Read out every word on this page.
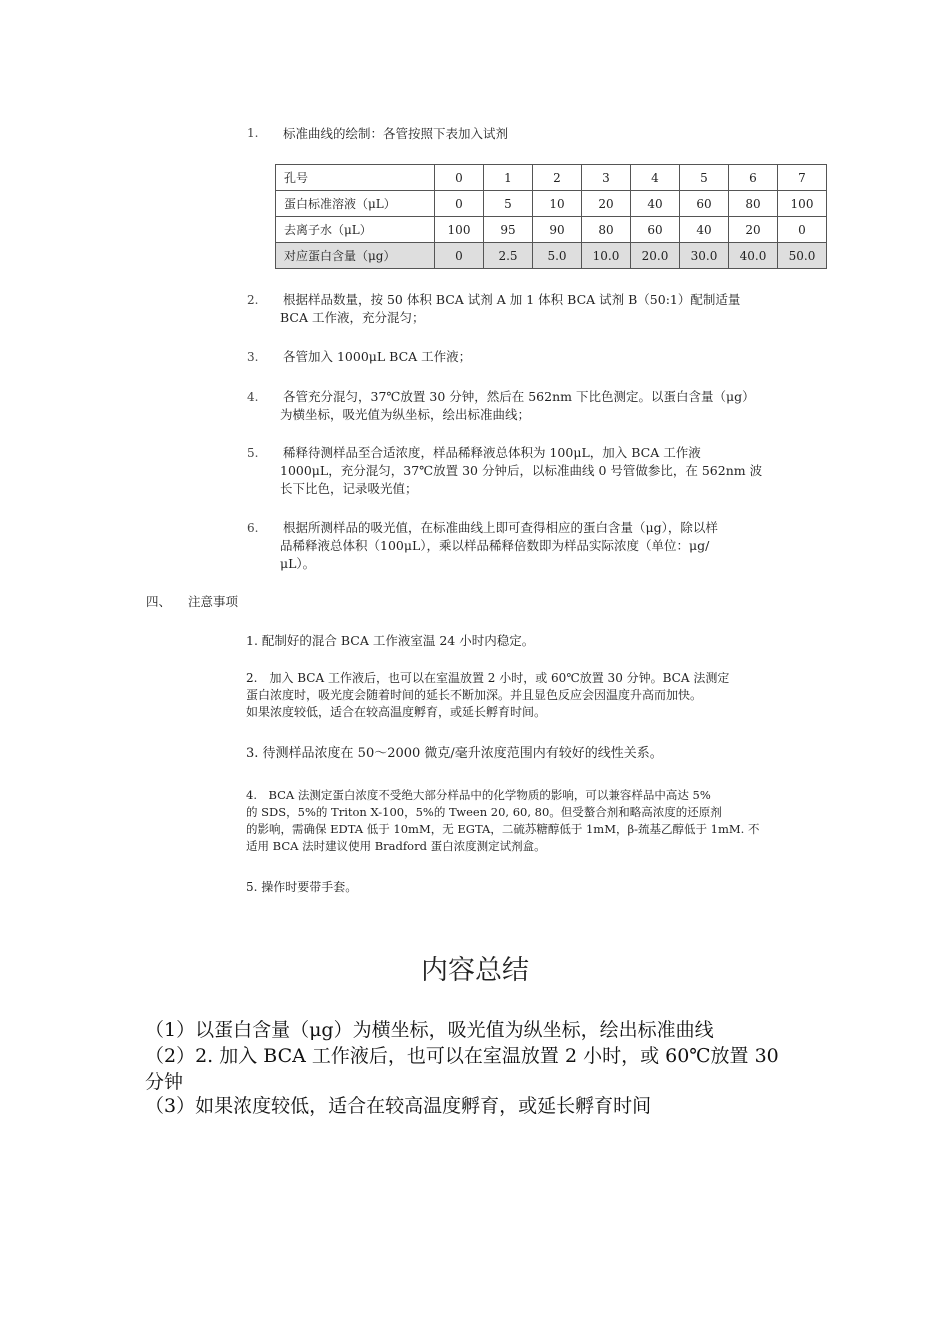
1. 标准曲线的绘制：各管按照下表加入试剂
孔号	0	1	2	3	4	5	6	7
蛋白标准溶液（μL）	0	5	10	20	40	60	80	100
去离子水（μL）	100	95	90	80	60	40	20	0
对应蛋白含量（μg）	0	2.5	5.0	10.0	20.0	30.0	40.0	50.0
2. 根据样品数量，按 50 体积 BCA 试剂 A 加 1 体积 BCA 试剂 B（50:1）配制适量
BCA 工作液，充分混匀；
3. 各管加入 1000μL BCA 工作液；
4. 各管充分混匀，37℃放置 30 分钟，然后在 562nm 下比色测定。以蛋白含量（μg）
为横坐标，吸光值为纵坐标，绘出标准曲线；
5. 稀释待测样品至合适浓度，样品稀释液总体积为 100μL，加入 BCA 工作液
1000μL，充分混匀，37℃放置 30 分钟后，以标准曲线 0 号管做参比，在 562nm 波
长下比色，记录吸光值；
6. 根据所测样品的吸光值，在标准曲线上即可查得相应的蛋白含量（μg），除以样
品稀释液总体积（100μL），乘以样品稀释倍数即为样品实际浓度（单位：μg/
μL）。
四、 注意事项
1. 配制好的混合 BCA 工作液室温 24 小时内稳定。
2.　加入 BCA 工作液后，也可以在室温放置 2 小时，或 60℃放置 30 分钟。BCA 法测定
蛋白浓度时，吸光度会随着时间的延长不断加深。并且显色反应会因温度升高而加快。
如果浓度较低，适合在较高温度孵育，或延长孵育时间。
3. 待测样品浓度在 50～2000 微克/毫升浓度范围内有较好的线性关系。
4.　BCA 法测定蛋白浓度不受绝大部分样品中的化学物质的影响，可以兼容样品中高达 5%
的 SDS，5%的 Triton X-100，5%的 Tween 20, 60, 80。但受螯合剂和略高浓度的还原剂
的影响，需确保 EDTA 低于 10mM，无 EGTA，二硫苏糖醇低于 1mM，β-巯基乙醇低于 1mM. 不
适用 BCA 法时建议使用 Bradford 蛋白浓度测定试剂盒。
5. 操作时要带手套。
内容总结
（1）以蛋白含量（μg）为横坐标，吸光值为纵坐标，绘出标准曲线
（2）2. 加入 BCA 工作液后，也可以在室温放置 2 小时，或 60℃放置 30
分钟
（3）如果浓度较低，适合在较高温度孵育，或延长孵育时间
